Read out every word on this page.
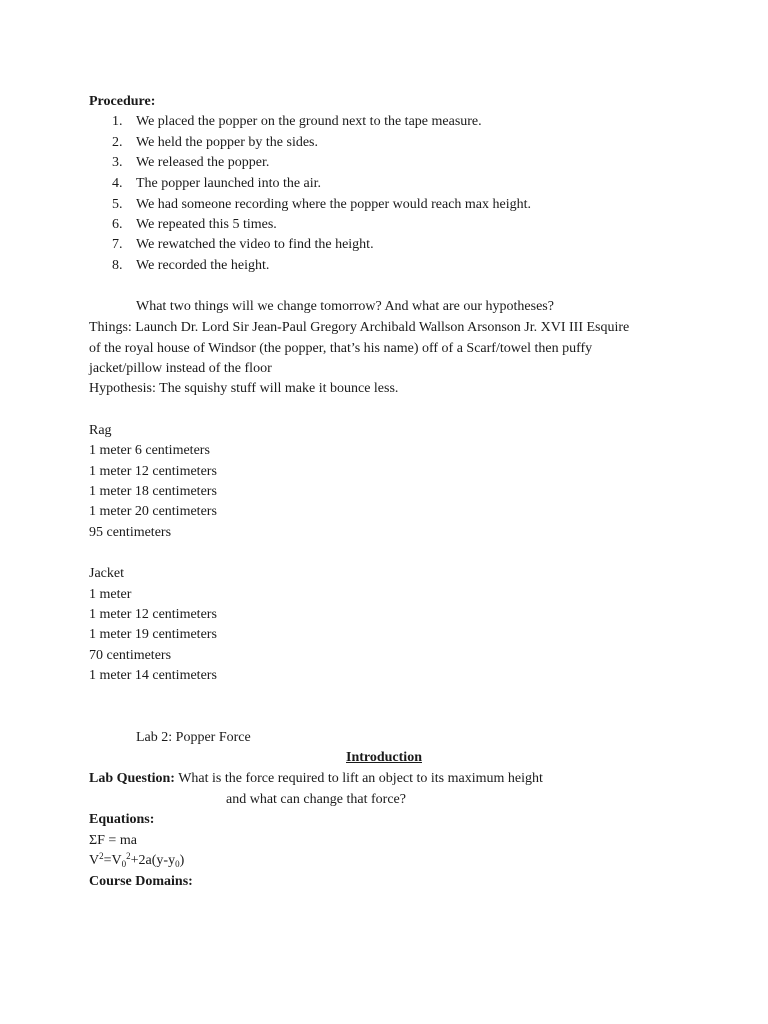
Procedure:
1. We placed the popper on the ground next to the tape measure.
2. We held the popper by the sides.
3. We released the popper.
4. The popper launched into the air.
5. We had someone recording where the popper would reach max height.
6. We repeated this 5 times.
7. We rewatched the video to find the height.
8. We recorded the height.
What two things will we change tomorrow? And what are our hypotheses?
Things: Launch Dr. Lord Sir Jean-Paul Gregory Archibald Wallson Arsonson Jr. XVI III Esquire
of the royal house of Windsor (the popper, that’s his name) off of a Scarf/towel then puffy
jacket/pillow instead of the floor
Hypothesis: The squishy stuff will make it bounce less.
Rag
1 meter 6 centimeters
1 meter 12 centimeters
1 meter 18 centimeters
1 meter 20 centimeters
95 centimeters
Jacket
1 meter
1 meter 12 centimeters
1 meter 19 centimeters
70 centimeters
1 meter 14 centimeters
Lab 2: Popper Force
Introduction
Lab Question: What is the force required to lift an object to its maximum height
and what can change that force?
Equations:
ΣF = ma
$V^2=V_0^2+2a(y-y_0)$
Course Domains:
